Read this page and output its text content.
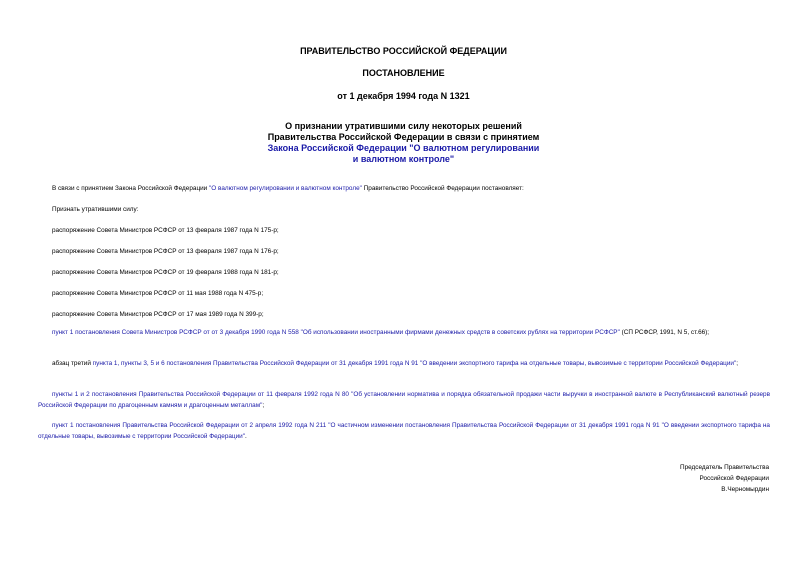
ПРАВИТЕЛЬСТВО РОССИЙСКОЙ ФЕДЕРАЦИИ
ПОСТАНОВЛЕНИЕ
от 1 декабря 1994 года N 1321
О признании утратившими силу некоторых решений
Правительства Российской Федерации в связи с принятием
Закона Российской Федерации "О валютном регулировании
и валютном контроле"
В связи с принятием Закона Российской Федерации "О валютном регулировании и валютном контроле" Правительство Российской Федерации постановляет:
Признать утратившими силу:
распоряжение Совета Министров РСФСР от 13 февраля 1987 года N 175-р;
распоряжение Совета Министров РСФСР от 13 февраля 1987 года N 176-р;
распоряжение Совета Министров РСФСР от 19 февраля 1988 года N 181-р;
распоряжение Совета Министров РСФСР от 11 мая 1988 года N 475-р;
распоряжение Совета Министров РСФСР от 17 мая 1989 года N 399-р;
пункт 1 постановления Совета Министров РСФСР от от 3 декабря 1990 года N 558 "Об использовании иностранными фирмами денежных средств в советских рублях на территории РСФСР" (СП РСФСР, 1991, N 5, ст.66);
абзац третий пункта 1, пункты 3, 5 и 6 постановления Правительства Российской Федерации от 31 декабря 1991 года N 91 "О введении экспортного тарифа на отдельные товары, вывозимые с территории Российской Федерации";
пункты 1 и 2 постановления Правительства Российской Федерации от 11 февраля 1992 года N 80 "Об установлении норматива и порядка обязательной продажи части выручки в иностранной валюте в Республиканский валютный резерв Российской Федерации по драгоценным камням и драгоценным металлам";
пункт 1 постановления Правительства Российской Федерации от 2 апреля 1992 года N 211 "О частичном изменении постановления Правительства Российской Федерации от 31 декабря 1991 года N 91 "О введении экспортного тарифа на отдельные товары, вывозимые с территории Российской Федерации".
Председатель Правительства
Российской Федерации
В.Черномырдин
